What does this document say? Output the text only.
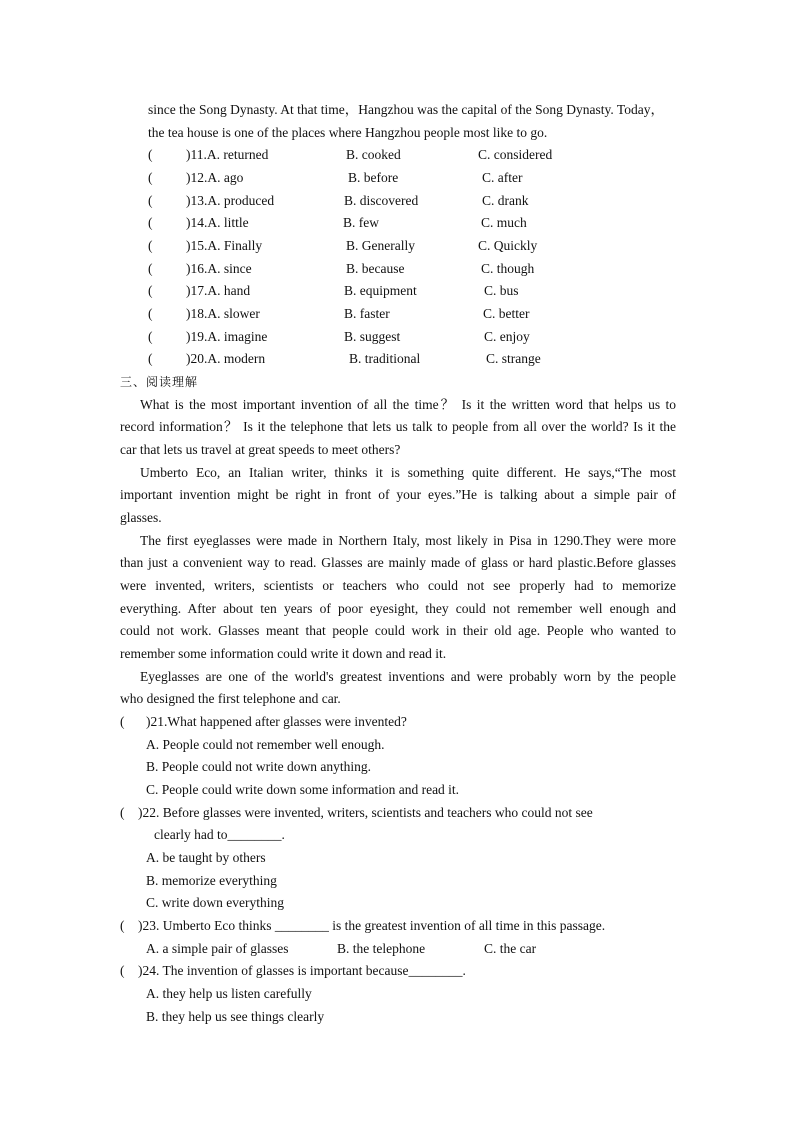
since the Song Dynasty. At that time，Hangzhou was the capital of the Song Dynasty. Today，
the tea house is one of the places where Hangzhou people most like to go.
( )11.A. returned	B. cooked	C. considered
( )12.A. ago	B. before	C. after
( )13.A. produced	B. discovered	C. drank
( )14.A. little	B. few	C. much
( )15.A. Finally	B. Generally	C. Quickly
( )16.A. since	B. because	C. though
( )17.A. hand	B. equipment	C. bus
( )18.A. slower	B. faster	C. better
( )19.A. imagine	B. suggest	C. enjoy
( )20.A. modern	B. traditional	C. strange
三、阅读理解
What is the most important invention of all the time？ Is it the written word that helps us to
record information？ Is it the telephone that lets us talk to people from all over the world? Is it the
car that lets us travel at great speeds to meet others?
Umberto Eco, an Italian writer, thinks it is something quite different. He says,“The most
important invention might be right in front of your eyes.”He is talking about a simple pair of
glasses.
The first eyeglasses were made in Northern Italy, most likely in Pisa in 1290.They were more
than just a convenient way to read. Glasses are mainly made of glass or hard plastic.Before glasses
were invented, writers, scientists or teachers who could not see properly had to memorize
everything. After about ten years of poor eyesight, they could not remember well enough and
could not work. Glasses meant that people could work in their old age. People who wanted to
remember some information could write it down and read it.
Eyeglasses are one of the world's greatest inventions and were probably worn by the people
who designed the first telephone and car.
( )21.What happened after glasses were invented?
A. People could not remember well enough.
B. People could not write down anything.
C. People could write down some information and read it.
( )22. Before glasses were invented, writers, scientists and teachers who could not see
clearly had to________.
A. be taught by others
B. memorize everything
C. write down everything
( )23. Umberto Eco thinks ________ is the greatest invention of all time in this passage.
A. a simple pair of glasses	B. the telephone	C. the car
( )24. The invention of glasses is important because________.
A. they help us listen carefully
B. they help us see things clearly
